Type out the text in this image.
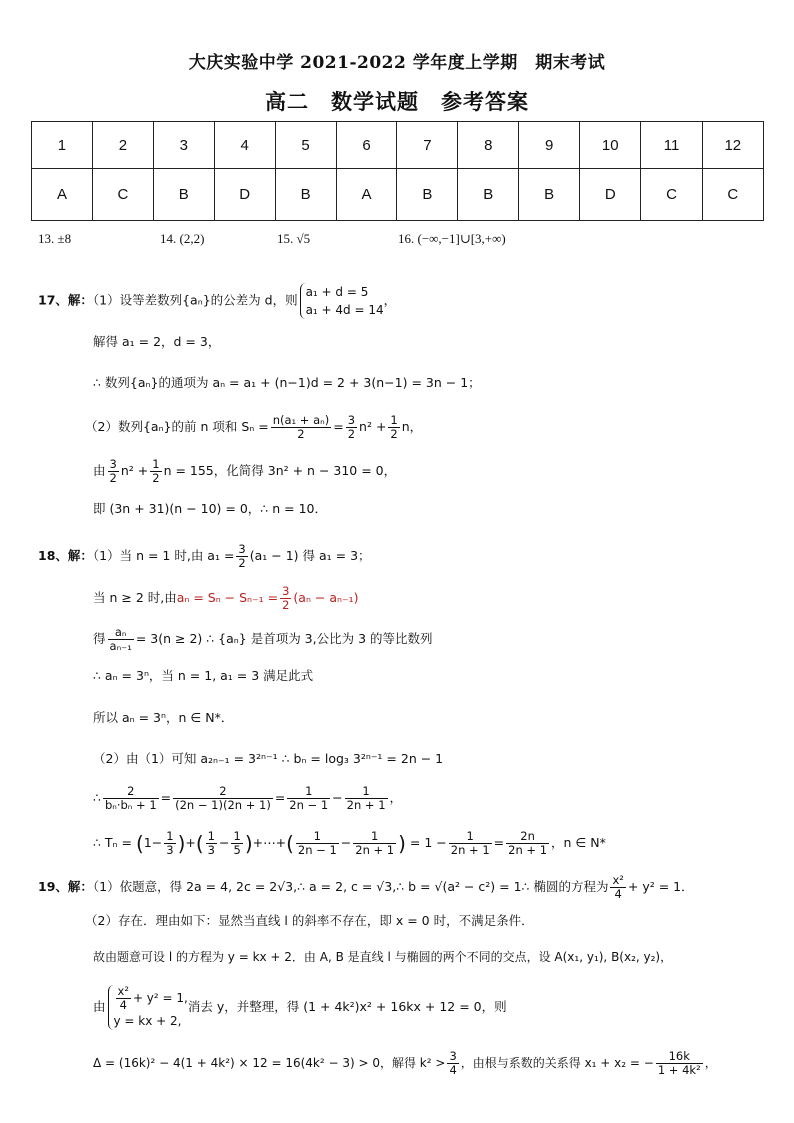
大庆实验中学 2021-2022 学年度上学期　期末考试
高二　数学试题　参考答案
1	2	3	4	5	6	7	8	9	10	11	12
A	C	B	D	B	A	B	B	B	D	C	C
13. ±8	14. (2,2)	15. √5	16. (−∞,−1]∪[3,+∞)
17、解：（1）设等差数列{aₙ}的公差为 d，则
a₁ + d = 5
a₁ + 4d = 14
，
解得 a₁ = 2，d = 3，
∴ 数列{aₙ}的通项为 aₙ = a₁ + (n−1)d = 2 + 3(n−1) = 3n − 1；
（2）数列{aₙ}的前 n 项和 $S_n = \frac{\text{n(a₁ + aₙ)}}{2} = \frac{3}{2} n^2 + \frac{1}{2}$ n，
由 $\frac{3}{2} n^2 + \frac{1}{2}$ n = 155，化简得 3n² + n − 310 = 0，
即 (3n + 31)(n − 10) = 0，∴ n = 10．
18、解：（1）当 n = 1 时,由 $a_1 = \frac{3}{2} (a_1 - 1)$ 得 a₁ = 3；
当 n ≥ 2 时,由$a_n = S_n - S_{n-1} = \frac{3}{2} (a_n - a_{n-1})$
得 $\frac{\text{aₙ}}{\text{aₙ₋₁}} = 3(n \ge 2)$ ∴ {aₙ} 是首项为 3,公比为 3 的等比数列
∴ aₙ = 3ⁿ，当 n = 1, a₁ = 3 满足此式
所以 aₙ = 3ⁿ，n ∈ N*．
（2）由（1）可知 a₂ₙ₋₁ = 3²ⁿ⁻¹ ∴ bₙ = log₃ 3²ⁿ⁻¹ = 2n − 1
∴ $\frac{2}{\text{bₙ·bₙ + 1}} = \frac{2}{(2n - 1)(2n + 1)} = \frac{1}{2n - 1} - \frac{1}{2n + 1}$ ，
∴ $T_n = (1- \frac{1}{3}$ )+( $\frac{1}{3} - \frac{1}{5}$ )+⋯+( $\frac{1}{2n - 1} - \frac{1}{2n + 1}$ ) = $1 - \frac{1}{2n + 1} = \frac{2n}{2n + 1}$ ，n ∈ N*
19、解：（1）依题意，得 2a = 4, 2c = 2√3,∴ a = 2, c = √3,∴ b = √(a² − c²) = 1∴ 椭圆的方程为 $\frac{\text{x²}}{4} + y^2 = 1$．
（2）存在．理由如下：显然当直线 l 的斜率不存在，即 x = 0 时，不满足条件．
故由题意可设 l 的方程为 y = kx + 2．由 A, B 是直线 l 与椭圆的两个不同的交点，设 A(x₁, y₁), B(x₂, y₂)，
由 $\frac{\text{x²}}{4} + y^2 = 1$,
y = kx + 2,
消去 y，并整理，得 (1 + 4k²)x² + 16kx + 12 = 0，则
Δ = (16k)² − 4(1 + 4k²) × 12 = 16(4k² − 3) > 0，解得 $k^2 > \frac{3}{4}$ ，由根与系数的关系得 x₁ + x₂ = − $\frac{16k}{\text{1 + 4k²}}$ ，
